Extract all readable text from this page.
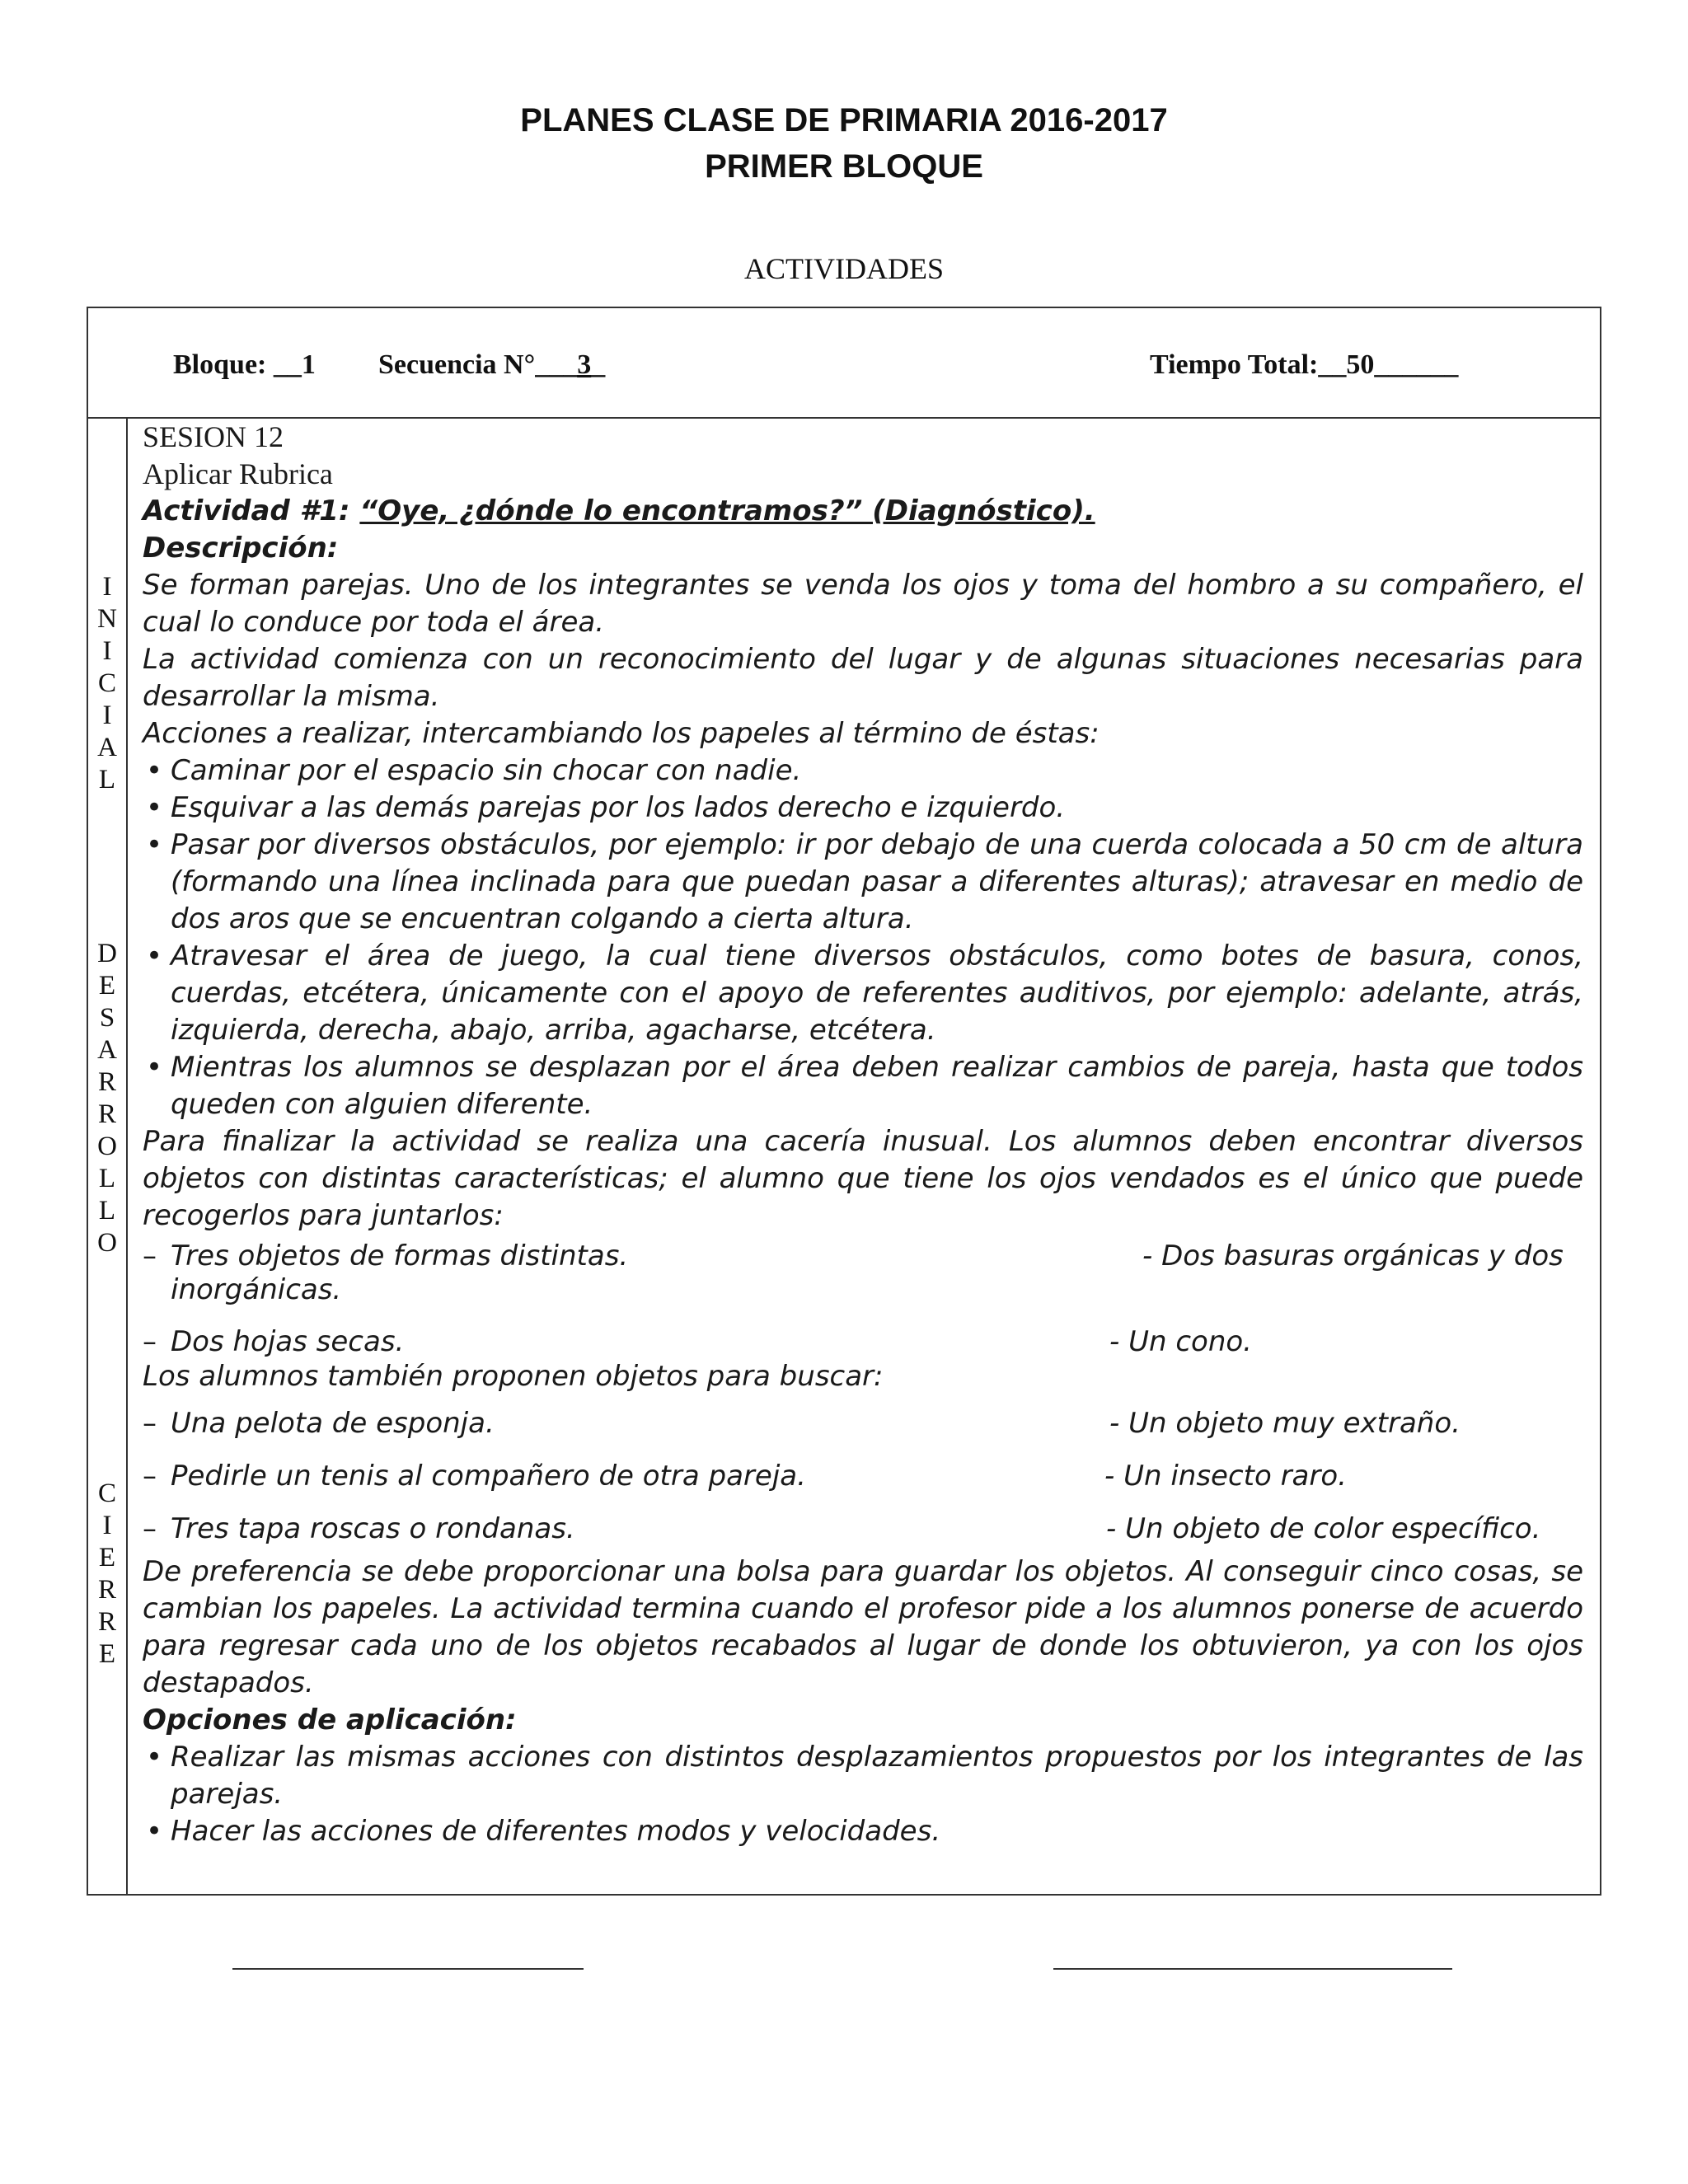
PLANES CLASE DE PRIMARIA 2016-2017
PRIMER BLOQUE
ACTIVIDADES
Bloque: __1 Secuencia N°___3_	Tiempo Total:__50______
I
N
I
C
I
A
L
D
E
S
A
R
R
O
L
L
O
C
I
E
R
R
E

SESION 12

Aplicar Rubrica

Actividad #1: “Oye, ¿dónde lo encontramos?” (Diagnóstico).

Descripción:

Se forman parejas. Uno de los integrantes se venda los ojos y toma del hombro a su compañero, el cual lo conduce por toda el área.

La actividad comienza con un reconocimiento del lugar y de algunas situaciones necesarias para desarrollar la misma.

Acciones a realizar, intercambiando los papeles al término de éstas:

• Caminar por el espacio sin chocar con nadie.

• Esquivar a las demás parejas por los lados derecho e izquierdo.

• Pasar por diversos obstáculos, por ejemplo: ir por debajo de una cuerda colocada a 50 cm de altura (formando una línea inclinada para que puedan pasar a diferentes alturas); atravesar en medio de dos aros que se encuentran colgando a cierta altura.

• Atravesar el área de juego, la cual tiene diversos obstáculos, como botes de basura, conos, cuerdas, etcétera, únicamente con el apoyo de referentes auditivos, por ejemplo: adelante, atrás, izquierda, derecha, abajo, arriba, agacharse, etcétera.

• Mientras los alumnos se desplazan por el área deben realizar cambios de pareja, hasta que todos queden con alguien diferente.

Para finalizar la actividad se realiza una cacería inusual. Los alumnos deben encontrar diversos objetos con distintas características; el alumno que tiene los ojos vendados es el único que puede recogerlos para juntarlos:

– Tres objetos de formas distintas.	- Dos basuras orgánicas y dos

inorgánicas.

– Dos hojas secas.	- Un cono.

Los alumnos también proponen objetos para buscar:

– Una pelota de esponja.	- Un objeto muy extraño.
– Pedirle un tenis al compañero de otra pareja.	- Un insecto raro.
– Tres tapa roscas o rondanas.	- Un objeto de color específico.

De preferencia se debe proporcionar una bolsa para guardar los objetos. Al conseguir cinco cosas, se cambian los papeles. La actividad termina cuando el profesor pide a los alumnos ponerse de acuerdo para regresar cada uno de los objetos recabados al lugar de donde los obtuvieron, ya con los ojos destapados.

Opciones de aplicación:

• Realizar las mismas acciones con distintos desplazamientos propuestos por los integrantes de las parejas.

• Hacer las acciones de diferentes modos y velocidades.
